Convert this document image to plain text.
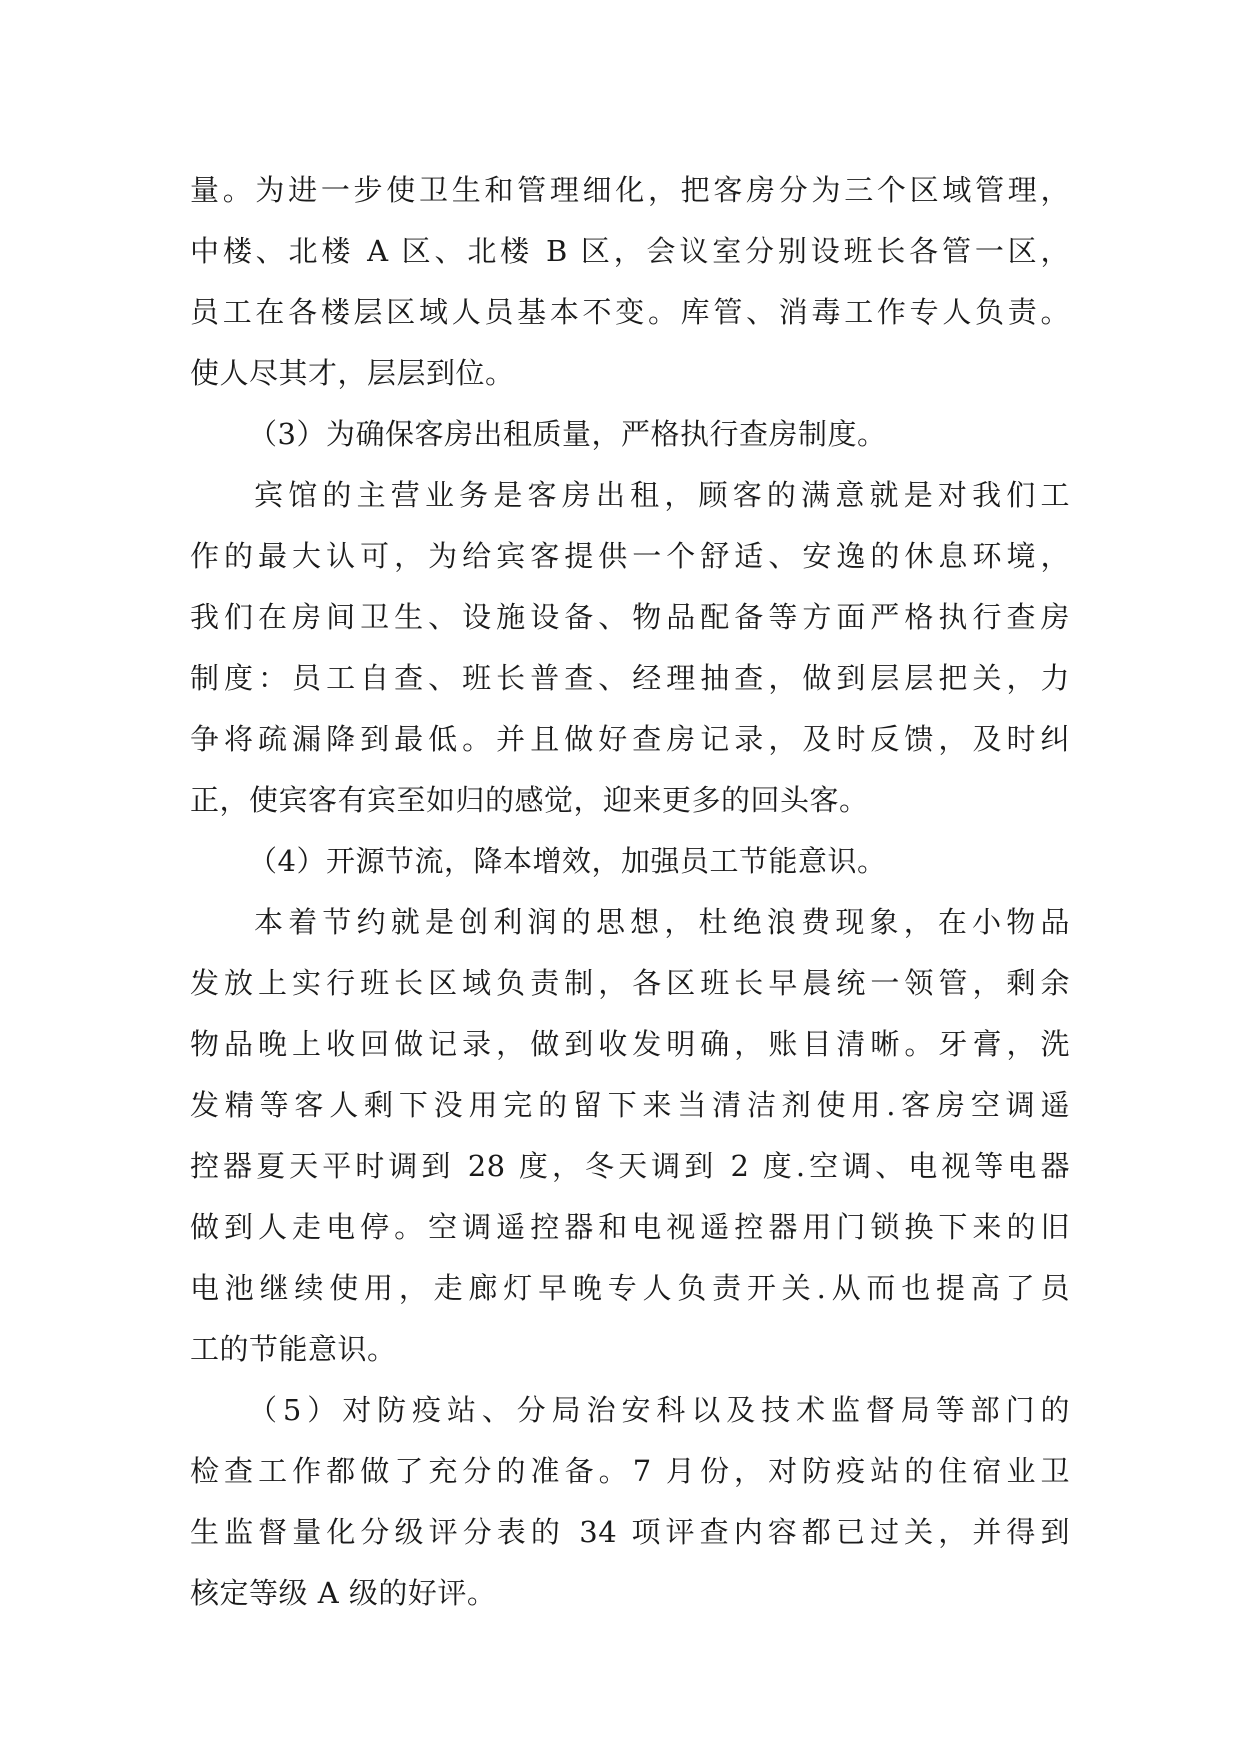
量。为进一步使卫生和管理细化，把客房分为三个区域管理，
中楼、北楼 A 区、北楼 B 区，会议室分别设班长各管一区，
员工在各楼层区域人员基本不变。库管、消毒工作专人负责。
使人尽其才，层层到位。
（3）为确保客房出租质量，严格执行查房制度。
宾馆的主营业务是客房出租，顾客的满意就是对我们工
作的最大认可，为给宾客提供一个舒适、安逸的休息环境，
我们在房间卫生、设施设备、物品配备等方面严格执行查房
制度：员工自查、班长普查、经理抽查，做到层层把关，力
争将疏漏降到最低。并且做好查房记录，及时反馈，及时纠
正，使宾客有宾至如归的感觉，迎来更多的回头客。
（4）开源节流，降本增效，加强员工节能意识。
本着节约就是创利润的思想，杜绝浪费现象，在小物品
发放上实行班长区域负责制，各区班长早晨统一领管，剩余
物品晚上收回做记录，做到收发明确，账目清晰。牙膏，洗
发精等客人剩下没用完的留下来当清洁剂使用.客房空调遥
控器夏天平时调到 28 度，冬天调到 2 度.空调、电视等电器
做到人走电停。空调遥控器和电视遥控器用门锁换下来的旧
电池继续使用，走廊灯早晚专人负责开关.从而也提高了员
工的节能意识。
（5）对防疫站、分局治安科以及技术监督局等部门的
检查工作都做了充分的准备。7 月份，对防疫站的住宿业卫
生监督量化分级评分表的 34 项评查内容都已过关，并得到
核定等级 A 级的好评。
